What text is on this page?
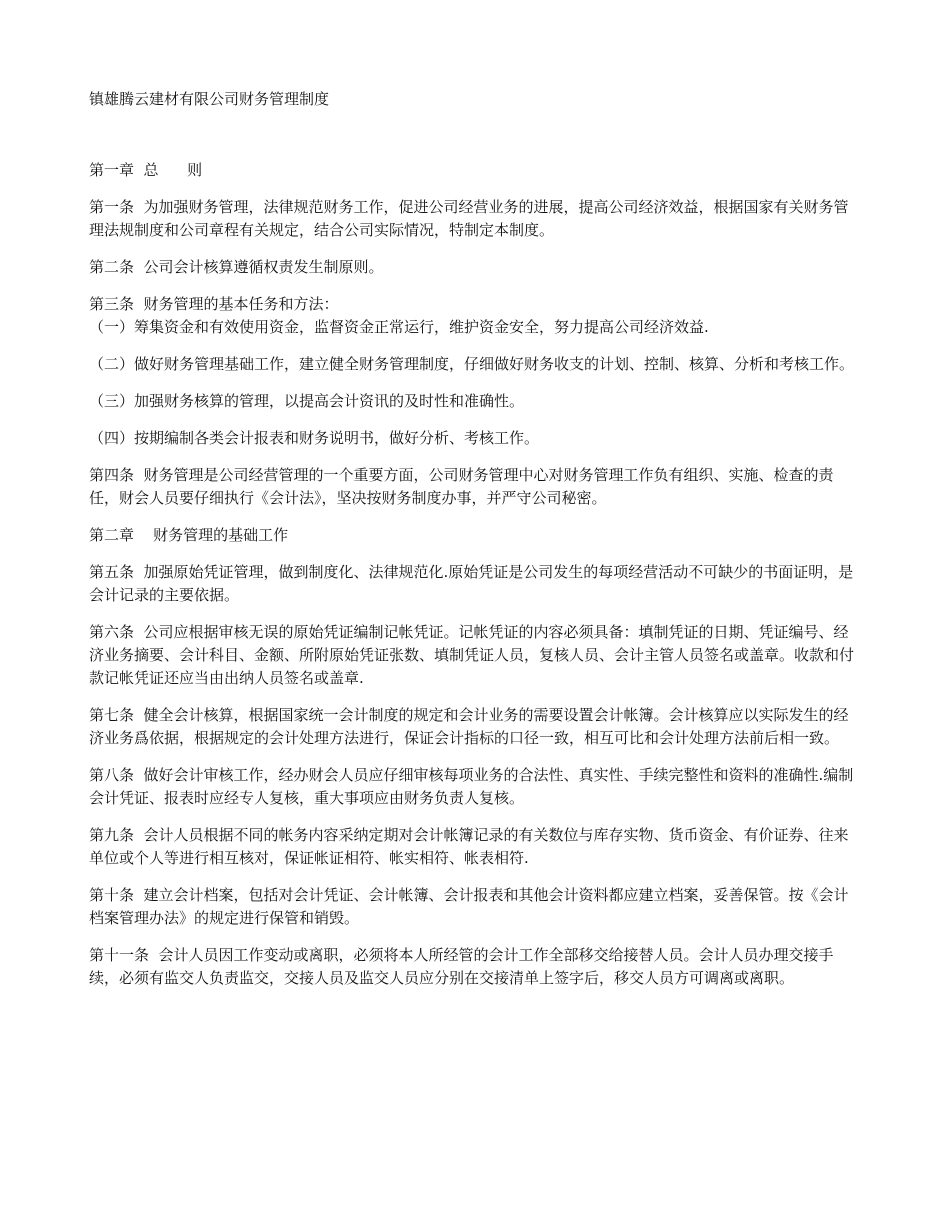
镇雄腾云建材有限公司财务管理制度

第一章  总      则

第一条  为加强财务管理，法律规范财务工作，促进公司经营业务的进展，提高公司经济效益，根据国家有关财务管理法规制度和公司章程有关规定，结合公司实际情况，特制定本制度。

第二条  公司会计核算遵循权责发生制原则。

第三条  财务管理的基本任务和方法：

（一）筹集资金和有效使用资金，监督资金正常运行，维护资金安全，努力提高公司经济效益.

（二）做好财务管理基础工作，建立健全财务管理制度，仔细做好财务收支的计划、控制、核算、分析和考核工作。

（三）加强财务核算的管理，以提高会计资讯的及时性和准确性。

（四）按期编制各类会计报表和财务说明书，做好分析、考核工作。

第四条  财务管理是公司经营管理的一个重要方面，公司财务管理中心对财务管理工作负有组织、实施、检查的责任，财会人员要仔细执行《会计法》，坚决按财务制度办事，并严守公司秘密。

第二章    财务管理的基础工作

第五条  加强原始凭证管理，做到制度化、法律规范化.原始凭证是公司发生的每项经营活动不可缺少的书面证明，是会计记录的主要依据。

第六条  公司应根据审核无误的原始凭证编制记帐凭证。记帐凭证的内容必须具备：填制凭证的日期、凭证编号、经济业务摘要、会计科目、金额、所附原始凭证张数、填制凭证人员，复核人员、会计主管人员签名或盖章。收款和付款记帐凭证还应当由出纳人员签名或盖章.

第七条  健全会计核算，根据国家统一会计制度的规定和会计业务的需要设置会计帐簿。会计核算应以实际发生的经济业务爲依据，根据规定的会计处理方法进行，保证会计指标的口径一致，相互可比和会计处理方法前后相一致。

第八条  做好会计审核工作，经办财会人员应仔细审核每项业务的合法性、真实性、手续完整性和资料的准确性.编制会计凭证、报表时应经专人复核，重大事项应由财务负责人复核。

第九条  会计人员根据不同的帐务内容采纳定期对会计帐簿记录的有关数位与库存实物、货币资金、有价证券、往来单位或个人等进行相互核对，保证帐证相符、帐实相符、帐表相符.

第十条  建立会计档案，包括对会计凭证、会计帐簿、会计报表和其他会计资料都应建立档案，妥善保管。按《会计档案管理办法》的规定进行保管和销毁。

第十一条  会计人员因工作变动或离职，必须将本人所经管的会计工作全部移交给接替人员。会计人员办理交接手续，必须有监交人负责监交，交接人员及监交人员应分别在交接清单上签字后，移交人员方可调离或离职。
